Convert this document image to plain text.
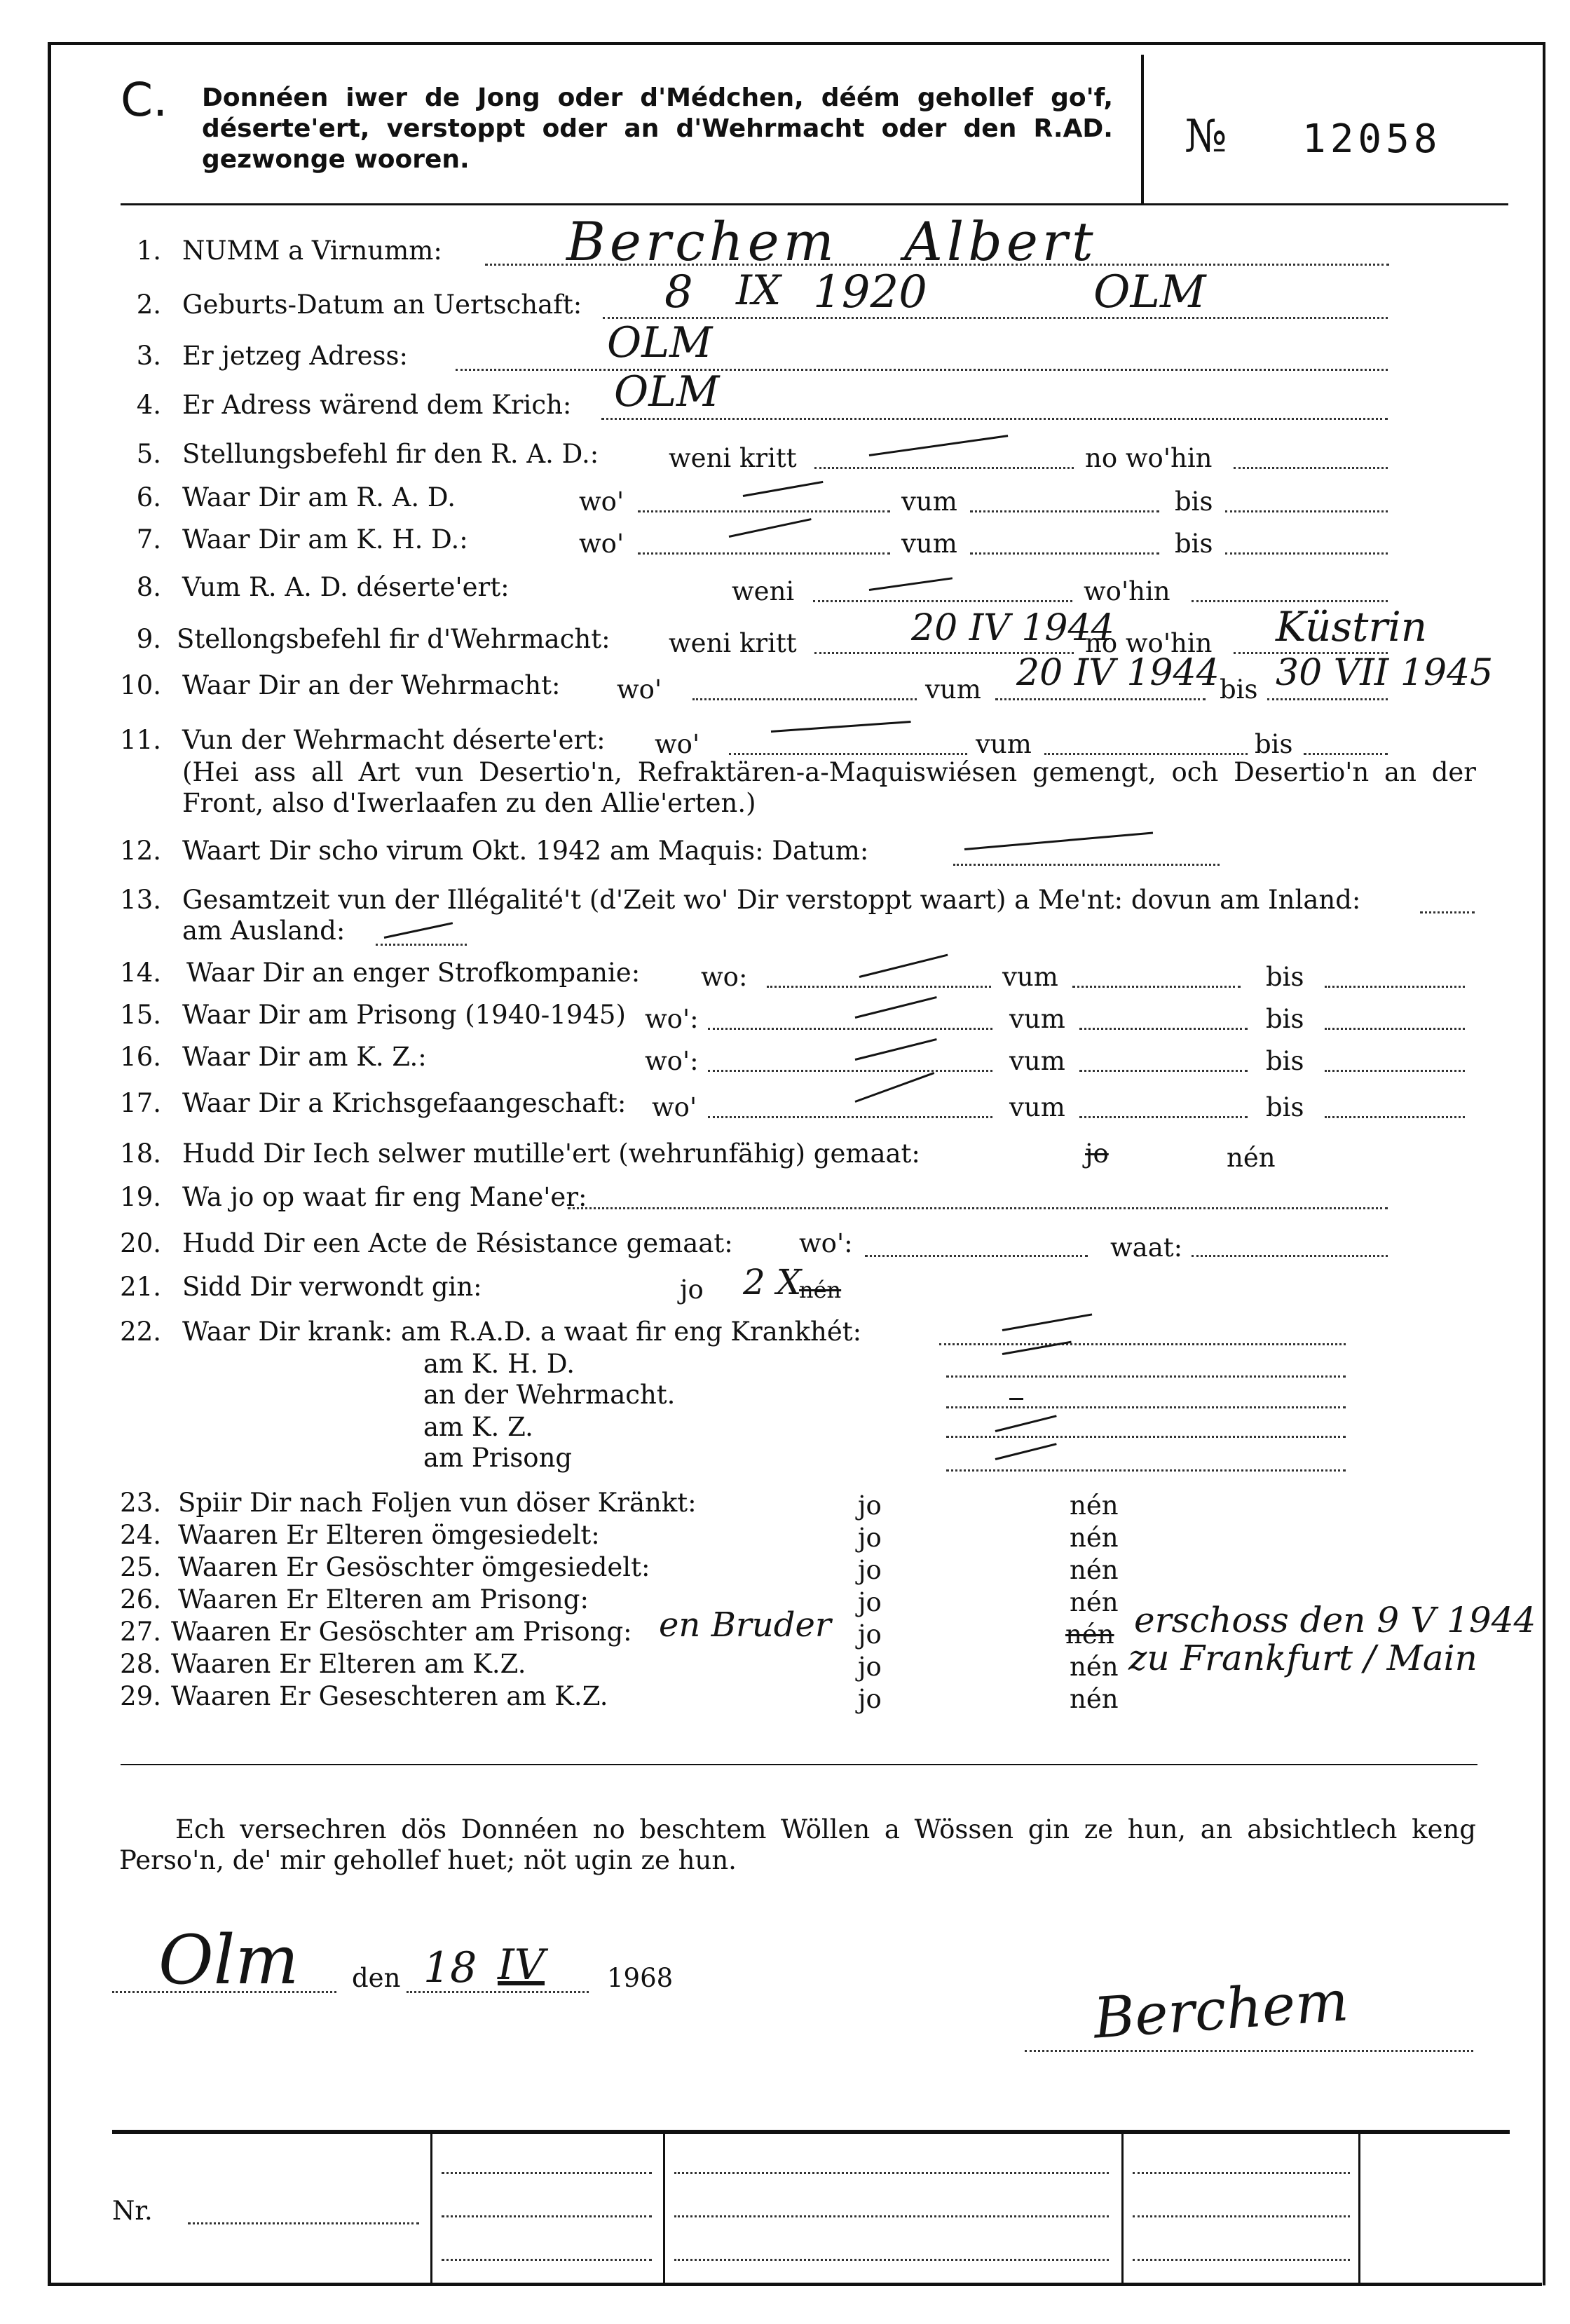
C. Donnéen iwer de Jong oder d'Médchen, déém gehollef go'f, déserte'ert, verstoppt oder an d'Wehrmacht oder den R.AD. gezwonge wooren.	№ 12058
1. NUMM a Virnumm: Berchem Albert
2. Geburts-Datum an Uertschaft: 8 IX 1920	OLM
3. Er jetzeg Adress:	OLM
4. Er Adress wärend dem Krich: OLM
5. Stellungsbefehl fir den R. A. D.:	weni kritt	no wo'hin
6. Waar Dir am R. A. D.	wo'	vum	bis
7. Waar Dir am K. H. D.:	wo'	vum	bis
8. Vum R. A. D. déserte'ert:	weni	wo'hin
9. Stellongsbefehl fir d'Wehrmacht: weni kritt	no wo'hin
20 IV 1944	Küstrin
10. Waar Dir an der Wehrmacht: wo'	vum	bis
20 IV 1944 30 VII 1945
11. Vun der Wehrmacht déserte'ert: wo'	vum	bis
(Hei ass all Art vun Desertio'n, Refraktären-a-Maquiswiésen gemengt, och Desertio'n an der Front, also d'Iwerlaafen zu den Allie'erten.)
12. Waart Dir scho virum Okt. 1942 am Maquis: Datum:
13. Gesamtzeit vun der Illégalité't (d'Zeit wo' Dir verstoppt waart) a Me'nt: dovun am Inland:
am Ausland:
14. Waar Dir an enger Strofkompanie: wo:	vum	bis
15. Waar Dir am Prisong (1940-1945) wo':	vum	bis
16. Waar Dir am K. Z.:	wo':	vum	bis
17. Waar Dir a Krichsgefaangeschaft: wo'	vum	bis
18. Hudd Dir Iech selwer mutille'ert (wehrunfähig) gemaat:	jo	nén
19. Wa jo op waat fir eng Mane'er:
20. Hudd Dir een Acte de Résistance gemaat:	wo':	waat:
21. Sidd Dir verwondt gin:	jo 2 X
nén
22. Waar Dir krank: am R.A.D. a waat fir eng Krankhét:
am K. H. D.
an der Wehrmacht.
am K. Z.
am Prisong
23. Spiir Dir nach Foljen vun döser Kränkt:	jo	nén
24. Waaren Er Elteren ömgesiedelt:	jo	nén
25. Waaren Er Gesöschter ömgesiedelt:	jo	nén
26. Waaren Er Elteren am Prisong:	jo	nén
27. Waaren Er Gesöschter am Prisong: en Bruder jo	nén erschoss den 9 V 1944
28. Waaren Er Elteren am K.Z.	jo	nén zu Frankfurt / Main
29. Waaren Er Geseschteren am K.Z.	jo	nén
Ech versechren dös Donnéen no beschtem Wöllen a Wössen gin ze hun, an absichtlech keng Perso'n, de' mir gehollef huet; nöt ugin ze hun.
Olm den 18 IV 1968	Berchem
Nr.
